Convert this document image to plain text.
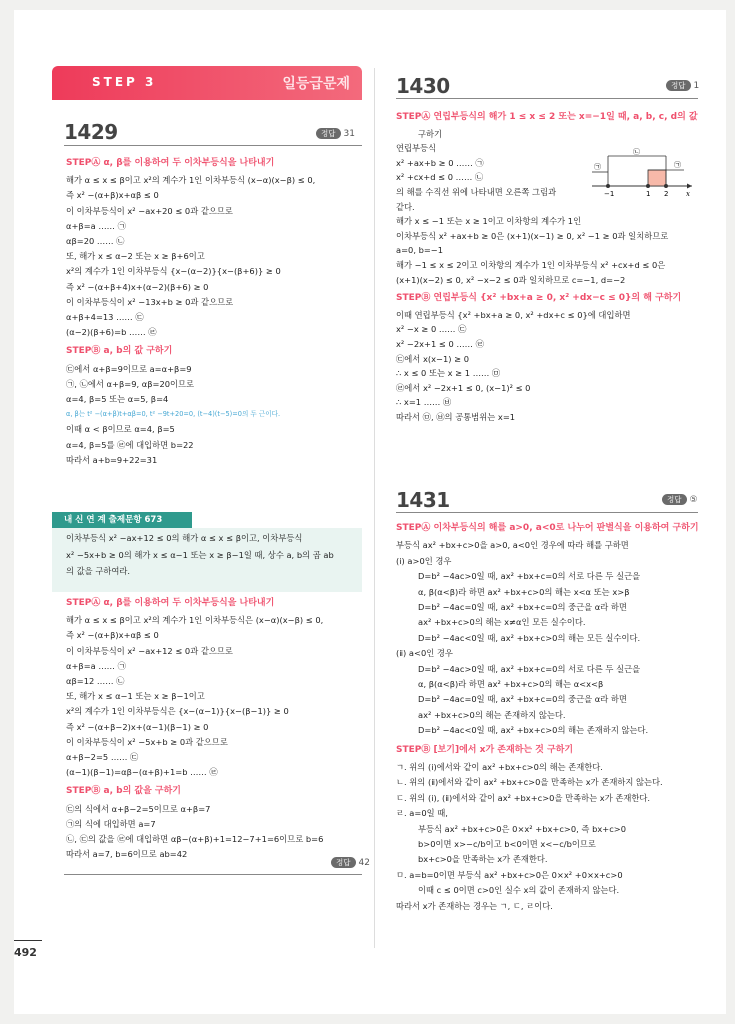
STEP 3	일등급문제
1429	정답 31
STEPⒶ α, β를 이용하여 두 이차부등식을 나타내기
해가 α ≤ x ≤ β이고 x²의 계수가 1인 이차부등식 (x−α)(x−β) ≤ 0,
즉 x² −(α+β)x+αβ ≤ 0
이 이차부등식이 x² −ax+20 ≤ 0과 같으므로
α+β=a …… ㉠
αβ=20 …… ㉡
또, 해가 x ≤ α−2 또는 x ≥ β+6이고
x²의 계수가 1인 이차부등식 {x−(α−2)}{x−(β+6)} ≥ 0
즉 x² −(α+β+4)x+(α−2)(β+6) ≥ 0
이 이차부등식이 x² −13x+b ≥ 0과 같으므로
α+β+4=13 …… ㉢
(α−2)(β+6)=b …… ㉣
STEPⒷ a, b의 값 구하기
㉢에서 α+β=9이므로 a=α+β=9
㉠, ㉡에서 α+β=9, αβ=20이므로
α=4, β=5 또는 α=5, β=4
α, β는 t² −(α+β)t+αβ=0, t² −9t+20=0, (t−4)(t−5)=0의 두 근이다.
이때 α < β이므로 α=4, β=5
α=4, β=5를 ㉣에 대입하면 b=22
따라서 a+b=9+22=31
내 신 연 계 출제문항 673
이차부등식 x² −ax+12 ≤ 0의 해가 α ≤ x ≤ β이고, 이차부등식
x² −5x+b ≥ 0의 해가 x ≤ α−1 또는 x ≥ β−1일 때, 상수 a, b의 곱 ab
의 값을 구하여라.
STEPⒶ α, β를 이용하여 두 이차부등식을 나타내기
해가 α ≤ x ≤ β이고 x²의 계수가 1인 이차부등식은 (x−α)(x−β) ≤ 0,
즉 x² −(α+β)x+αβ ≤ 0
이 이차부등식이 x² −ax+12 ≤ 0과 같으므로
α+β=a …… ㉠
αβ=12 …… ㉡
또, 해가 x ≤ α−1 또는 x ≥ β−1이고
x²의 계수가 1인 이차부등식은 {x−(α−1)}{x−(β−1)} ≥ 0
즉 x² −(α+β−2)x+(α−1)(β−1) ≥ 0
이 이차부등식이 x² −5x+b ≥ 0과 같으므로
α+β−2=5 …… ㉢
(α−1)(β−1)=αβ−(α+β)+1=b …… ㉣
STEPⒷ a, b의 값을 구하기
㉢의 식에서 α+β−2=5이므로 α+β=7
㉠의 식에 대입하면 a=7
㉡, ㉢의 값을 ㉣에 대입하면 αβ−(α+β)+1=12−7+1=6이므로 b=6
따라서 a=7, b=6이므로 ab=42
정답 42
1430	정답 1
STEPⒶ 연립부등식의 해가 1 ≤ x ≤ 2 또는 x=−1일 때, a, b, c, d의 값
구하기
연립부등식
x² +ax+b ≥ 0 …… ㉠
x² +cx+d ≤ 0 …… ㉡
의 해를 수직선 위에 나타내면 오른쪽 그림과
같다.
해가 x ≤ −1 또는 x ≥ 1이고 이차항의 계수가 1인
이차부등식 x² +ax+b ≥ 0은 (x+1)(x−1) ≥ 0, x² −1 ≥ 0과 일치하므로
a=0, b=−1
해가 −1 ≤ x ≤ 2이고 이차항의 계수가 1인 이차부등식 x² +cx+d ≤ 0은
(x+1)(x−2) ≤ 0, x² −x−2 ≤ 0과 일치하므로 c=−1, d=−2
STEPⒷ 연립부등식 {x² +bx+a ≥ 0, x² +dx−c ≤ 0}의 해 구하기
이때 연립부등식 {x² +bx+a ≥ 0, x² +dx+c ≤ 0}에 대입하면
x² −x ≥ 0 …… ㉢
x² −2x+1 ≤ 0 …… ㉣
㉢에서 x(x−1) ≥ 0
∴ x ≤ 0 또는 x ≥ 1 …… ㉤
㉣에서 x² −2x+1 ≤ 0, (x−1)² ≤ 0
∴ x=1 …… ㉥
따라서 ㉤, ㉥의 공통범위는 x=1
−1	1 2	x
㉡
㉠	㉠
1431	정답 ⑤
STEPⒶ 이차부등식의 해를 a>0, a<0로 나누어 판별식을 이용하여 구하기
부등식 ax² +bx+c>0을 a>0, a<0인 경우에 따라 해를 구하면
(ⅰ) a>0인 경우
D=b² −4ac>0일 때, ax² +bx+c=0의 서로 다른 두 실근을
α, β(α<β)라 하면 ax² +bx+c>0의 해는 x<α 또는 x>β
D=b² −4ac=0일 때, ax² +bx+c=0의 중근을 α라 하면
ax² +bx+c>0의 해는 x≠α인 모든 실수이다.
D=b² −4ac<0일 때, ax² +bx+c>0의 해는 모든 실수이다.
(ⅱ) a<0인 경우
D=b² −4ac>0일 때, ax² +bx+c=0의 서로 다른 두 실근을
α, β(α<β)라 하면 ax² +bx+c>0의 해는 α<x<β
D=b² −4ac=0일 때, ax² +bx+c=0의 중근을 α라 하면
ax² +bx+c>0의 해는 존재하지 않는다.
D=b² −4ac<0일 때, ax² +bx+c>0의 해는 존재하지 않는다.
STEPⒷ [보기]에서 x가 존재하는 것 구하기
ㄱ. 위의 (ⅰ)에서와 같이 ax² +bx+c>0의 해는 존재한다.
ㄴ. 위의 (ⅱ)에서와 같이 ax² +bx+c>0을 만족하는 x가 존재하지 않는다.
ㄷ. 위의 (ⅰ), (ⅱ)에서와 같이 ax² +bx+c>0을 만족하는 x가 존재한다.
ㄹ. a=0일 때,
부등식 ax² +bx+c>0은 0×x² +bx+c>0, 즉 bx+c>0
b>0이면 x>−c/b이고 b<0이면 x<−c/b이므로
bx+c>0을 만족하는 x가 존재한다.
ㅁ. a=b=0이면 부등식 ax² +bx+c>0은 0×x² +0×x+c>0
이때 c ≤ 0이면 c>0인 실수 x의 값이 존재하지 않는다.
따라서 x가 존재하는 경우는 ㄱ, ㄷ, ㄹ이다.
492
